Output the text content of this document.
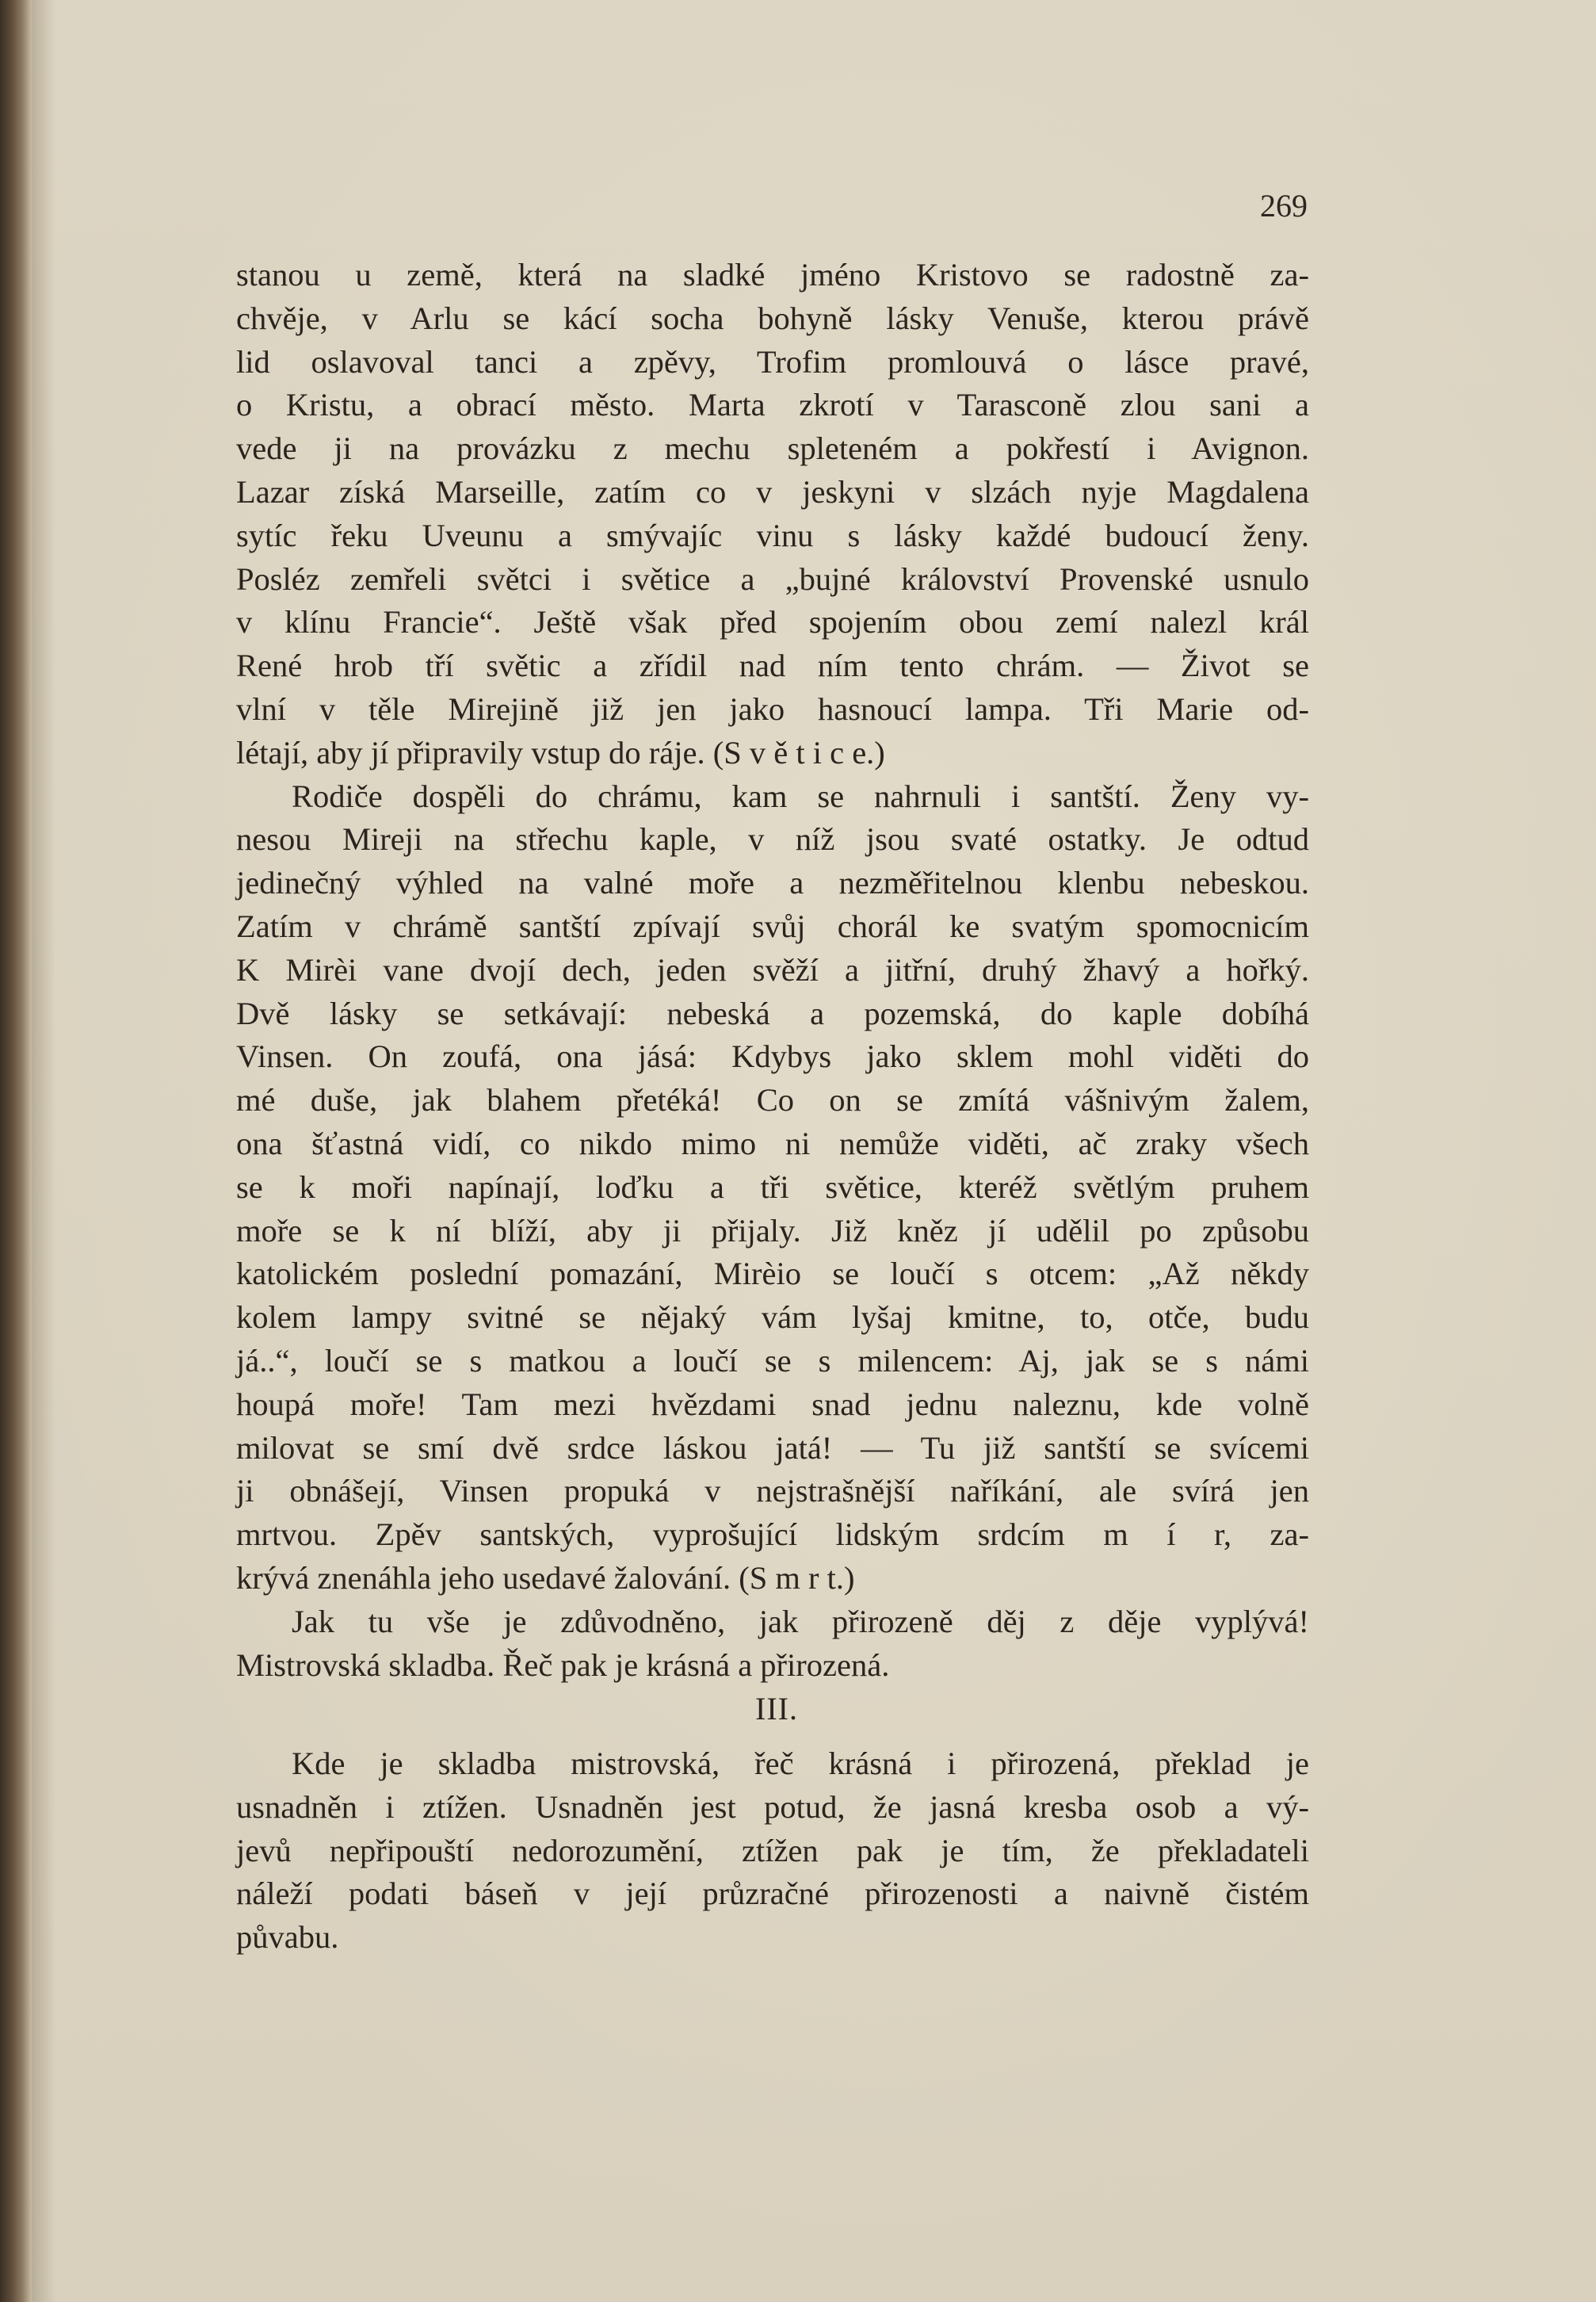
269
stanou u země, která na sladké jméno Kristovo se radostně za-
chvěje, v Arlu se kácí socha bohyně lásky Venuše, kterou právě
lid oslavoval tanci a zpěvy, Trofim promlouvá o lásce pravé,
o Kristu, a obrací město. Marta zkrotí v Tarasconě zlou sani a
vede ji na provázku z mechu spleteném a pokřestí i Avignon.
Lazar získá Marseille, zatím co v jeskyni v slzách nyje Magdalena
sytíc řeku Uveunu a smývajíc vinu s lásky každé budoucí ženy.
Posléz zemřeli světci i světice a „bujné království Provenské usnulo
v klínu Francie“. Ještě však před spojením obou zemí nalezl král
René hrob tří světic a zřídil nad ním tento chrám. — Život se
vlní v těle Mirejině již jen jako hasnoucí lampa. Tři Marie od-
létají, aby jí připravily vstup do ráje. (S v ě t i c e.)
Rodiče dospěli do chrámu, kam se nahrnuli i santští. Ženy vy-
nesou Mireji na střechu kaple, v níž jsou svaté ostatky. Je odtud
jedinečný výhled na valné moře a nezměřitelnou klenbu nebeskou.
Zatím v chrámě santští zpívají svůj chorál ke svatým spomocnicím
K Mirèi vane dvojí dech, jeden svěží a jitřní, druhý žhavý a hořký.
Dvě lásky se setkávají: nebeská a pozemská, do kaple dobíhá
Vinsen. On zoufá, ona jásá: Kdybys jako sklem mohl viděti do
mé duše, jak blahem přetéká! Co on se zmítá vášnivým žalem,
ona šťastná vidí, co nikdo mimo ni nemůže viděti, ač zraky všech
se k moři napínají, loďku a tři světice, kteréž světlým pruhem
moře se k ní blíží, aby ji přijaly. Již kněz jí udělil po způsobu
katolickém poslední pomazání, Mirèio se loučí s otcem: „Až někdy
kolem lampy svitné se nějaký vám lyšaj kmitne, to, otče, budu
já..“, loučí se s matkou a loučí se s milencem: Aj, jak se s námi
houpá moře! Tam mezi hvězdami snad jednu naleznu, kde volně
milovat se smí dvě srdce láskou jatá! — Tu již santští se svícemi
ji obnášejí, Vinsen propuká v nejstrašnější naříkání, ale svírá jen
mrtvou. Zpěv santských, vyprošující lidským srdcím m í r, za-
krývá znenáhla jeho usedavé žalování. (S m r t.)
Jak tu vše je zdůvodněno, jak přirozeně děj z děje vyplývá!
Mistrovská skladba. Řeč pak je krásná a přirozená.
III.
Kde je skladba mistrovská, řeč krásná i přirozená, překlad je
usnadněn i ztížen. Usnadněn jest potud, že jasná kresba osob a vý-
jevů nepřipouští nedorozumění, ztížen pak je tím, že překladateli
náleží podati báseň v její průzračné přirozenosti a naivně čistém
půvabu.
